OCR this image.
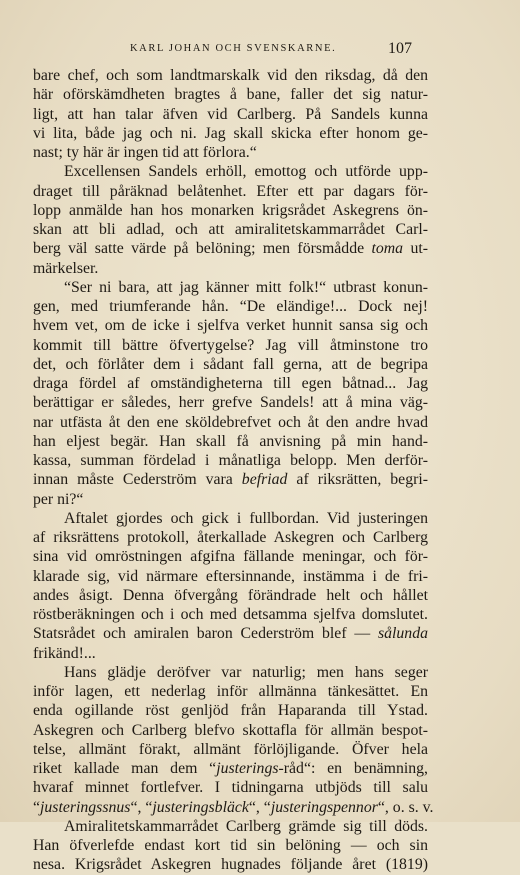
KARL JOHAN OCH SVENSKARNE.	107
bare chef, och som landtmarskalk vid den riksdag, då den
här oförskämdheten bragtes å bane, faller det sig natur-
ligt, att han talar äfven vid Carlberg. På Sandels kunna
vi lita, både jag och ni. Jag skall skicka efter honom ge-
nast; ty här är ingen tid att förlora.“
Excellensen Sandels erhöll, emottog och utförde upp-
draget till påräknad belåtenhet. Efter ett par dagars för-
lopp anmälde han hos monarken krigsrådet Askegrens ön-
skan att bli adlad, och att amiralitetskammarrådet Carl-
berg väl satte värde på belöning; men försmådde toma ut-
märkelser.
“Ser ni bara, att jag känner mitt folk!“ utbrast konun-
gen, med triumferande hån. “De eländige!... Dock nej!
hvem vet, om de icke i sjelfva verket hunnit sansa sig och
kommit till bättre öfvertygelse? Jag vill åtminstone tro
det, och förlåter dem i sådant fall gerna, att de begripa
draga fördel af omständigheterna till egen båtnad... Jag
berättigar er således, herr grefve Sandels! att å mina väg-
nar utfästa åt den ene sköldebrefvet och åt den andre hvad
han eljest begär. Han skall få anvisning på min hand-
kassa, summan fördelad i månatliga belopp. Men derför-
innan måste Cederström vara befriad af riksrätten, begri-
per ni?“
Aftalet gjordes och gick i fullbordan. Vid justeringen
af riksrättens protokoll, återkallade Askegren och Carlberg
sina vid omröstningen afgifna fällande meningar, och för-
klarade sig, vid närmare eftersinnande, instämma i de fri-
andes åsigt. Denna öfvergång förändrade helt och hållet
röstberäkningen och i och med detsamma sjelfva domslutet.
Statsrådet och amiralen baron Cederström blef — sålunda
frikänd!...
Hans glädje deröfver var naturlig; men hans seger
inför lagen, ett nederlag inför allmänna tänkesättet. En
enda ogillande röst genljöd från Haparanda till Ystad.
Askegren och Carlberg blefvo skottafla för allmän bespot-
telse, allmänt förakt, allmänt förlöjligande. Öfver hela
riket kallade man dem “justerings-råd“: en benämning,
hvaraf minnet fortlefver. I tidningarna utbjöds till salu
“justeringssnus“, “justeringsbläck“, “justeringspennor“, o. s. v.
Amiralitetskammarrådet Carlberg grämde sig till döds.
Han öfverlefde endast kort tid sin belöning — och sin
nesa. Krigsrådet Askegren hugnades följande året (1819)
